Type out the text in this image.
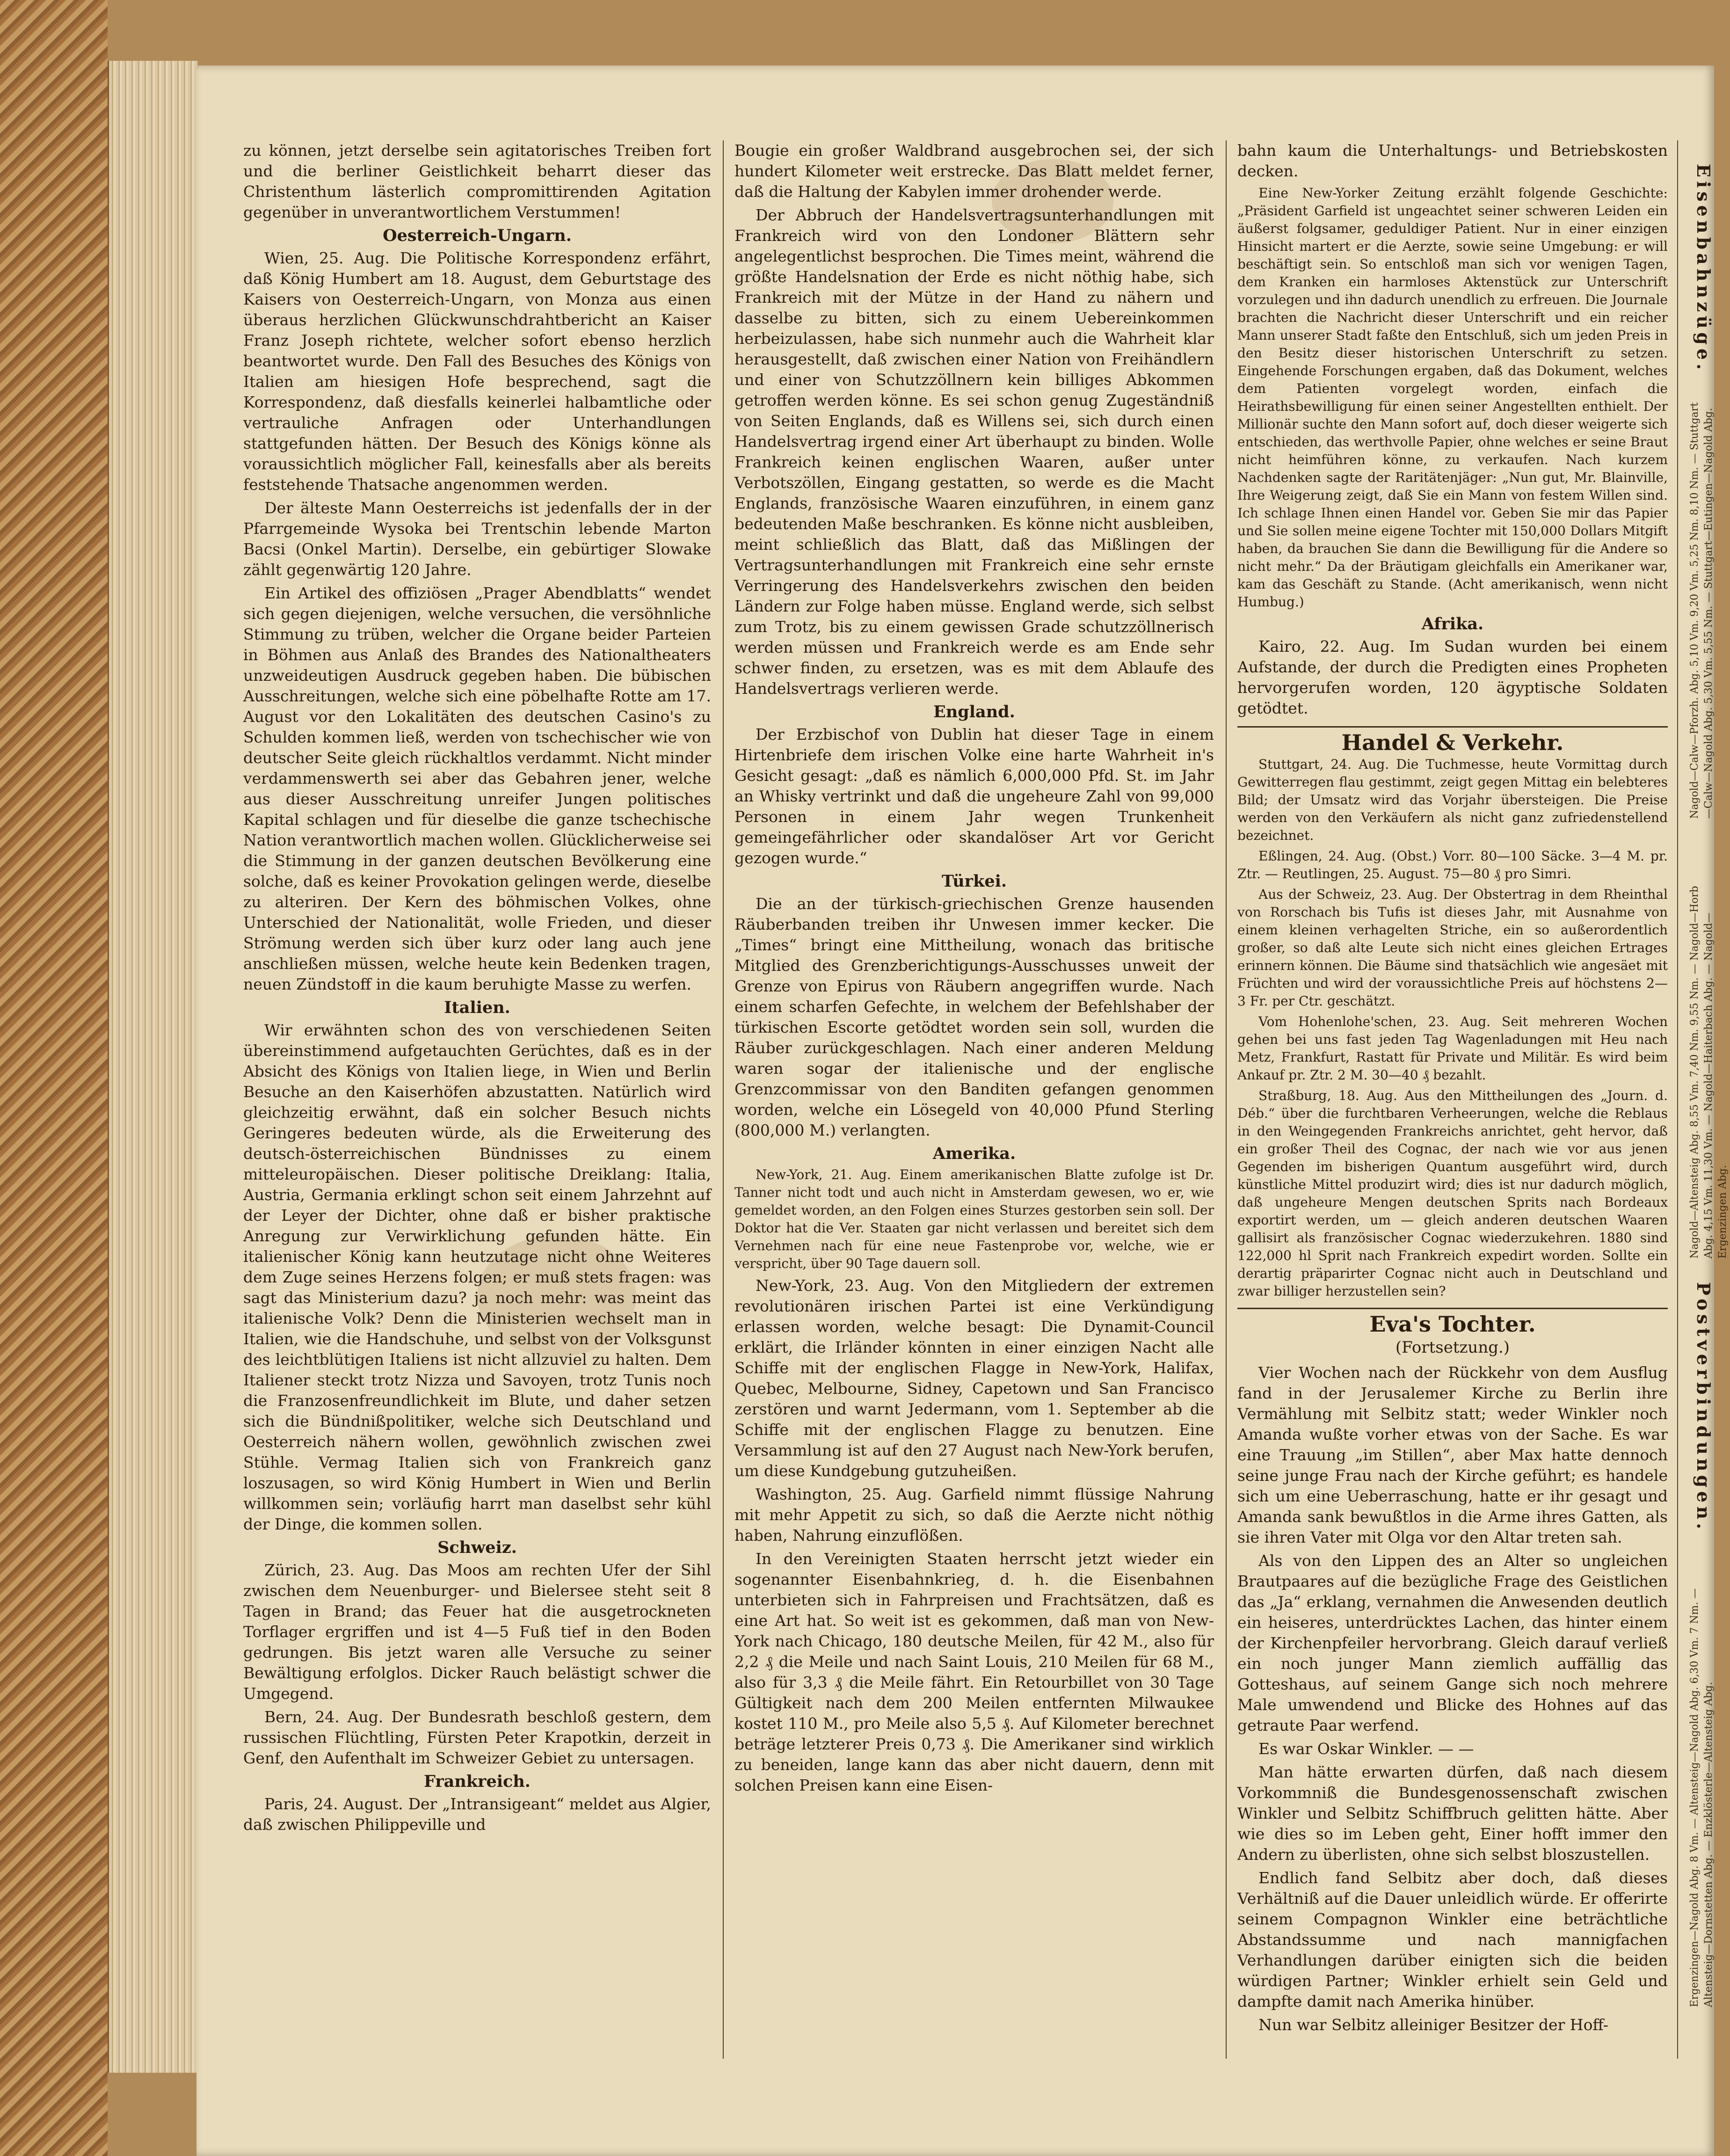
zu können, jetzt derselbe sein agitatorisches Treiben fort und die berliner Geistlichkeit beharrt dieser das Christenthum lästerlich compromittirenden Agitation gegenüber in unverantwortlichem Verstummen!

Oesterreich-Ungarn.

Wien, 25. Aug. Die Politische Korrespondenz erfährt, daß König Humbert am 18. August, dem Geburtstage des Kaisers von Oesterreich-Ungarn, von Monza aus einen überaus herzlichen Glückwunschdrahtbericht an Kaiser Franz Joseph richtete, welcher sofort ebenso herzlich beantwortet wurde. Den Fall des Besuches des Königs von Italien am hiesigen Hofe besprechend, sagt die Korrespondenz, daß diesfalls keinerlei halbamtliche oder vertrauliche Anfragen oder Unterhandlungen stattgefunden hätten. Der Besuch des Königs könne als voraussichtlich möglicher Fall, keinesfalls aber als bereits feststehende Thatsache angenommen werden.

Der älteste Mann Oesterreichs ist jedenfalls der in der Pfarrgemeinde Wysoka bei Trentschin lebende Marton Bacsi (Onkel Martin). Derselbe, ein gebürtiger Slowake zählt gegenwärtig 120 Jahre.

Ein Artikel des offiziösen „Prager Abendblatts“ wendet sich gegen diejenigen, welche versuchen, die versöhnliche Stimmung zu trüben, welcher die Organe beider Parteien in Böhmen aus Anlaß des Brandes des Nationaltheaters unzweideutigen Ausdruck gegeben haben. Die bübischen Ausschreitungen, welche sich eine pöbelhafte Rotte am 17. August vor den Lokalitäten des deutschen Casino's zu Schulden kommen ließ, werden von tschechischer wie von deutscher Seite gleich rückhaltlos verdammt. Nicht minder verdammenswerth sei aber das Gebahren jener, welche aus dieser Ausschreitung unreifer Jungen politisches Kapital schlagen und für dieselbe die ganze tschechische Nation verantwortlich machen wollen. Glücklicherweise sei die Stimmung in der ganzen deutschen Bevölkerung eine solche, daß es keiner Provokation gelingen werde, dieselbe zu alteriren. Der Kern des böhmischen Volkes, ohne Unterschied der Nationalität, wolle Frieden, und dieser Strömung werden sich über kurz oder lang auch jene anschließen müssen, welche heute kein Bedenken tragen, neuen Zündstoff in die kaum beruhigte Masse zu werfen.

Italien.

Wir erwähnten schon des von verschiedenen Seiten übereinstimmend aufgetauchten Gerüchtes, daß es in der Absicht des Königs von Italien liege, in Wien und Berlin Besuche an den Kaiserhöfen abzustatten. Natürlich wird gleichzeitig erwähnt, daß ein solcher Besuch nichts Geringeres bedeuten würde, als die Erweiterung des deutsch-österreichischen Bündnisses zu einem mitteleuropäischen. Dieser politische Dreiklang: Italia, Austria, Germania erklingt schon seit einem Jahrzehnt auf der Leyer der Dichter, ohne daß er bisher praktische Anregung zur Verwirklichung gefunden hätte. Ein italienischer König kann heutzutage nicht ohne Weiteres dem Zuge seines Herzens folgen; er muß stets fragen: was sagt das Ministerium dazu? ja noch mehr: was meint das italienische Volk? Denn die Ministerien wechselt man in Italien, wie die Handschuhe, und selbst von der Volksgunst des leichtblütigen Italiens ist nicht allzuviel zu halten. Dem Italiener steckt trotz Nizza und Savoyen, trotz Tunis noch die Franzosenfreundlichkeit im Blute, und daher setzen sich die Bündnißpolitiker, welche sich Deutschland und Oesterreich nähern wollen, gewöhnlich zwischen zwei Stühle. Vermag Italien sich von Frankreich ganz loszusagen, so wird König Humbert in Wien und Berlin willkommen sein; vorläufig harrt man daselbst sehr kühl der Dinge, die kommen sollen.

Schweiz.

Zürich, 23. Aug. Das Moos am rechten Ufer der Sihl zwischen dem Neuenburger- und Bielersee steht seit 8 Tagen in Brand; das Feuer hat die ausgetrockneten Torflager ergriffen und ist 4—5 Fuß tief in den Boden gedrungen. Bis jetzt waren alle Versuche zu seiner Bewältigung erfolglos. Dicker Rauch belästigt schwer die Umgegend.

Bern, 24. Aug. Der Bundesrath beschloß gestern, dem russischen Flüchtling, Fürsten Peter Krapotkin, derzeit in Genf, den Aufenthalt im Schweizer Gebiet zu untersagen.

Frankreich.

Paris, 24. August. Der „Intransigeant“ meldet aus Algier, daß zwischen Philippeville und

Bougie ein großer Waldbrand ausgebrochen sei, der sich hundert Kilometer weit erstrecke. Das Blatt meldet ferner, daß die Haltung der Kabylen immer drohender werde.

Der Abbruch der Handelsvertragsunterhandlungen mit Frankreich wird von den Londoner Blättern sehr angelegentlichst besprochen. Die Times meint, während die größte Handelsnation der Erde es nicht nöthig habe, sich Frankreich mit der Mütze in der Hand zu nähern und dasselbe zu bitten, sich zu einem Uebereinkommen herbeizulassen, habe sich nunmehr auch die Wahrheit klar herausgestellt, daß zwischen einer Nation von Freihändlern und einer von Schutzzöllnern kein billiges Abkommen getroffen werden könne. Es sei schon genug Zugeständniß von Seiten Englands, daß es Willens sei, sich durch einen Handelsvertrag irgend einer Art überhaupt zu binden. Wolle Frankreich keinen englischen Waaren, außer unter Verbotszöllen, Eingang gestatten, so werde es die Macht Englands, französische Waaren einzuführen, in einem ganz bedeutenden Maße beschranken. Es könne nicht ausbleiben, meint schließlich das Blatt, daß das Mißlingen der Vertragsunterhandlungen mit Frankreich eine sehr ernste Verringerung des Handelsverkehrs zwischen den beiden Ländern zur Folge haben müsse. England werde, sich selbst zum Trotz, bis zu einem gewissen Grade schutzzöllnerisch werden müssen und Frankreich werde es am Ende sehr schwer finden, zu ersetzen, was es mit dem Ablaufe des Handelsvertrags verlieren werde.

England.

Der Erzbischof von Dublin hat dieser Tage in einem Hirtenbriefe dem irischen Volke eine harte Wahrheit in's Gesicht gesagt: „daß es nämlich 6,000,000 Pfd. St. im Jahr an Whisky vertrinkt und daß die ungeheure Zahl von 99,000 Personen in einem Jahr wegen Trunkenheit gemeingefährlicher oder skandalöser Art vor Gericht gezogen wurde.“

Türkei.

Die an der türkisch-griechischen Grenze hausenden Räuberbanden treiben ihr Unwesen immer kecker. Die „Times“ bringt eine Mittheilung, wonach das britische Mitglied des Grenzberichtigungs-Ausschusses unweit der Grenze von Epirus von Räubern angegriffen wurde. Nach einem scharfen Gefechte, in welchem der Befehlshaber der türkischen Escorte getödtet worden sein soll, wurden die Räuber zurückgeschlagen. Nach einer anderen Meldung waren sogar der italienische und der englische Grenzcommissar von den Banditen gefangen genommen worden, welche ein Lösegeld von 40,000 Pfund Sterling (800,000 M.) verlangten.

Amerika.

New-York, 21. Aug. Einem amerikanischen Blatte zufolge ist Dr. Tanner nicht todt und auch nicht in Amsterdam gewesen, wo er, wie gemeldet worden, an den Folgen eines Sturzes gestorben sein soll. Der Doktor hat die Ver. Staaten gar nicht verlassen und bereitet sich dem Vernehmen nach für eine neue Fastenprobe vor, welche, wie er verspricht, über 90 Tage dauern soll.

New-York, 23. Aug. Von den Mitgliedern der extremen revolutionären irischen Partei ist eine Verkündigung erlassen worden, welche besagt: Die Dynamit-Council erklärt, die Irländer könnten in einer einzigen Nacht alle Schiffe mit der englischen Flagge in New-York, Halifax, Quebec, Melbourne, Sidney, Capetown und San Francisco zerstören und warnt Jedermann, vom 1. September ab die Schiffe mit der englischen Flagge zu benutzen. Eine Versammlung ist auf den 27 August nach New-York berufen, um diese Kundgebung gutzuheißen.

Washington, 25. Aug. Garfield nimmt flüssige Nahrung mit mehr Appetit zu sich, so daß die Aerzte nicht nöthig haben, Nahrung einzuflößen.

In den Vereinigten Staaten herrscht jetzt wieder ein sogenannter Eisenbahnkrieg, d. h. die Eisenbahnen unterbieten sich in Fahrpreisen und Frachtsätzen, daß es eine Art hat. So weit ist es gekommen, daß man von New-York nach Chicago, 180 deutsche Meilen, für 42 M., also für 2,2 ₰ die Meile und nach Saint Louis, 210 Meilen für 68 M., also für 3,3 ₰ die Meile fährt. Ein Retourbillet von 30 Tage Gültigkeit nach dem 200 Meilen entfernten Milwaukee kostet 110 M., pro Meile also 5,5 ₰. Auf Kilometer berechnet beträge letzterer Preis 0,73 ₰. Die Amerikaner sind wirklich zu beneiden, lange kann das aber nicht dauern, denn mit solchen Preisen kann eine Eisen-

bahn kaum die Unterhaltungs- und Betriebskosten decken.

Eine New-Yorker Zeitung erzählt folgende Geschichte: „Präsident Garfield ist ungeachtet seiner schweren Leiden ein äußerst folgsamer, geduldiger Patient. Nur in einer einzigen Hinsicht martert er die Aerzte, sowie seine Umgebung: er will beschäftigt sein. So entschloß man sich vor wenigen Tagen, dem Kranken ein harmloses Aktenstück zur Unterschrift vorzulegen und ihn dadurch unendlich zu erfreuen. Die Journale brachten die Nachricht dieser Unterschrift und ein reicher Mann unserer Stadt faßte den Entschluß, sich um jeden Preis in den Besitz dieser historischen Unterschrift zu setzen. Eingehende Forschungen ergaben, daß das Dokument, welches dem Patienten vorgelegt worden, einfach die Heirathsbewilligung für einen seiner Angestellten enthielt. Der Millionär suchte den Mann sofort auf, doch dieser weigerte sich entschieden, das werthvolle Papier, ohne welches er seine Braut nicht heimführen könne, zu verkaufen. Nach kurzem Nachdenken sagte der Raritätenjäger: „Nun gut, Mr. Blainville, Ihre Weigerung zeigt, daß Sie ein Mann von festem Willen sind. Ich schlage Ihnen einen Handel vor. Geben Sie mir das Papier und Sie sollen meine eigene Tochter mit 150,000 Dollars Mitgift haben, da brauchen Sie dann die Bewilligung für die Andere so nicht mehr.“ Da der Bräutigam gleichfalls ein Amerikaner war, kam das Geschäft zu Stande. (Acht amerikanisch, wenn nicht Humbug.)

Afrika.

Kairo, 22. Aug. Im Sudan wurden bei einem Aufstande, der durch die Predigten eines Propheten hervorgerufen worden, 120 ägyptische Soldaten getödtet.

Handel & Verkehr.

Stuttgart, 24. Aug. Die Tuchmesse, heute Vormittag durch Gewitterregen flau gestimmt, zeigt gegen Mittag ein belebteres Bild; der Umsatz wird das Vorjahr übersteigen. Die Preise werden von den Verkäufern als nicht ganz zufriedenstellend bezeichnet.

Eßlingen, 24. Aug. (Obst.) Vorr. 80—100 Säcke. 3—4 M. pr. Ztr. — Reutlingen, 25. August. 75—80 ₰ pro Simri.

Aus der Schweiz, 23. Aug. Der Obstertrag in dem Rheinthal von Rorschach bis Tufis ist dieses Jahr, mit Ausnahme von einem kleinen verhagelten Striche, ein so außerordentlich großer, so daß alte Leute sich nicht eines gleichen Ertrages erinnern können. Die Bäume sind thatsächlich wie angesäet mit Früchten und wird der voraussichtliche Preis auf höchstens 2—3 Fr. per Ctr. geschätzt.

Vom Hohenlohe'schen, 23. Aug. Seit mehreren Wochen gehen bei uns fast jeden Tag Wagenladungen mit Heu nach Metz, Frankfurt, Rastatt für Private und Militär. Es wird beim Ankauf pr. Ztr. 2 M. 30—40 ₰ bezahlt.

Straßburg, 18. Aug. Aus den Mittheilungen des „Journ. d. Déb.“ über die furchtbaren Verheerungen, welche die Reblaus in den Weingegenden Frankreichs anrichtet, geht hervor, daß ein großer Theil des Cognac, der nach wie vor aus jenen Gegenden im bisherigen Quantum ausgeführt wird, durch künstliche Mittel produzirt wird; dies ist nur dadurch möglich, daß ungeheure Mengen deutschen Sprits nach Bordeaux exportirt werden, um — gleich anderen deutschen Waaren gallisirt als französischer Cognac wiederzukehren. 1880 sind 122,000 hl Sprit nach Frankreich expedirt worden. Sollte ein derartig präparirter Cognac nicht auch in Deutschland und zwar billiger herzustellen sein?

Eva's Tochter.
(Fortsetzung.)

Vier Wochen nach der Rückkehr von dem Ausflug fand in der Jerusalemer Kirche zu Berlin ihre Vermählung mit Selbitz statt; weder Winkler noch Amanda wußte vorher etwas von der Sache. Es war eine Trauung „im Stillen“, aber Max hatte dennoch seine junge Frau nach der Kirche geführt; es handele sich um eine Ueberraschung, hatte er ihr gesagt und Amanda sank bewußtlos in die Arme ihres Gatten, als sie ihren Vater mit Olga vor den Altar treten sah.

Als von den Lippen des an Alter so ungleichen Brautpaares auf die bezügliche Frage des Geistlichen das „Ja“ erklang, vernahmen die Anwesenden deutlich ein heiseres, unterdrücktes Lachen, das hinter einem der Kirchenpfeiler hervorbrang. Gleich darauf verließ ein noch junger Mann ziemlich auffällig das Gotteshaus, auf seinem Gange sich noch mehrere Male umwendend und Blicke des Hohnes auf das getraute Paar werfend.

Es war Oskar Winkler. — —

Man hätte erwarten dürfen, daß nach diesem Vorkommniß die Bundesgenossenschaft zwischen Winkler und Selbitz Schiffbruch gelitten hätte. Aber wie dies so im Leben geht, Einer hofft immer den Andern zu überlisten, ohne sich selbst bloszustellen.

Endlich fand Selbitz aber doch, daß dieses Verhältniß auf die Dauer unleidlich würde. Er offerirte seinem Compagnon Winkler eine beträchtliche Abstandssumme und nach mannigfachen Verhandlungen darüber einigten sich die beiden würdigen Partner; Winkler erhielt sein Geld und dampfte damit nach Amerika hinüber.

Nun war Selbitz alleiniger Besitzer der Hoff-

Eisenbahnzüge.
Nagold—Calw—Pforzh. Abg. 5,10 Vm. 9,20 Vm. 5,25 Nm. 8,10 Nm. — Stuttgart—Calw—Nagold Abg. 5,30 Vm. 5,55 Nm. — Stuttgart—Eutingen—Nagold Abg.
Postverbindungen.
Nagold—Altensteig Abg. 8,55 Vm. 7,40 Nm. 9,55 Nm. — Nagold—Horb Abg. 4,15 Vm. 11,30 Vm. — Nagold—Haiterbach Abg. — Nagold—Ergenzingen Abg.
Ergenzingen—Nagold Abg. 8 Vm. — Altensteig—Nagold Abg. 6,30 Vm. 7 Nm. — Altensteig—Dornstetten Abg. — Enzklösterle—Altensteig Abg.
